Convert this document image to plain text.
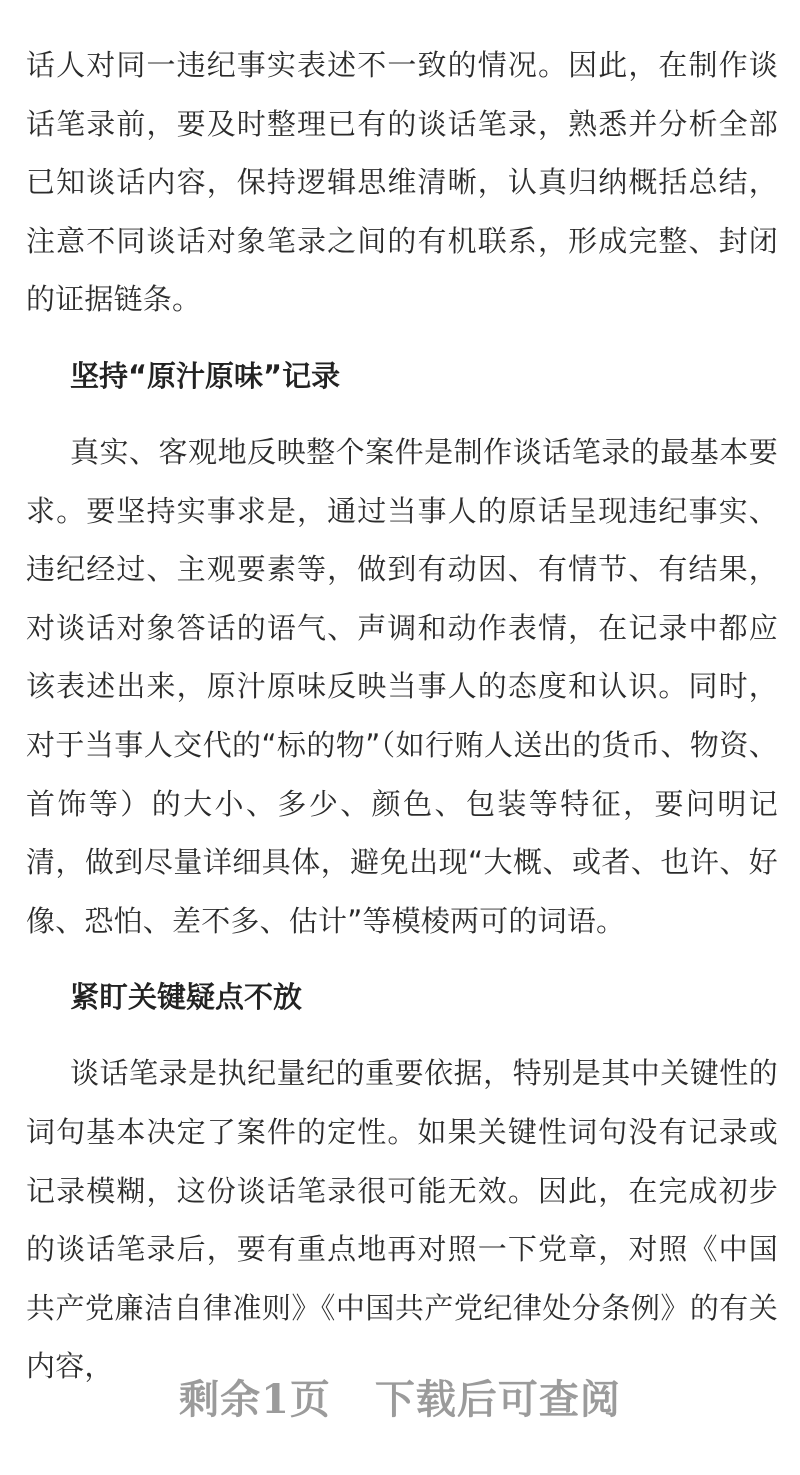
话人对同一违纪事实表述不一致的情况。因此，在制作谈话笔录前，要及时整理已有的谈话笔录，熟悉并分析全部已知谈话内容，保持逻辑思维清晰，认真归纳概括总结，注意不同谈话对象笔录之间的有机联系，形成完整、封闭的证据链条。

坚持“原汁原味”记录

真实、客观地反映整个案件是制作谈话笔录的最基本要求。要坚持实事求是，通过当事人的原话呈现违纪事实、违纪经过、主观要素等，做到有动因、有情节、有结果，对谈话对象答话的语气、声调和动作表情，在记录中都应该表述出来，原汁原味反映当事人的态度和认识。同时，对于当事人交代的“标的物”（如行贿人送出的货币、物资、首饰等）的大小、多少、颜色、包装等特征，要问明记清，做到尽量详细具体，避免出现“大概、或者、也许、好像、恐怕、差不多、估计”等模棱两可的词语。

紧盯关键疑点不放

谈话笔录是执纪量纪的重要依据，特别是其中关键性的词句基本决定了案件的定性。如果关键性词句没有记录或记录模糊，这份谈话笔录很可能无效。因此，在完成初步的谈话笔录后，要有重点地再对照一下党章，对照《中国共产党廉洁自律准则》《中国共产党纪律处分条例》的有关内容，

剩余1页 下载后可查阅
